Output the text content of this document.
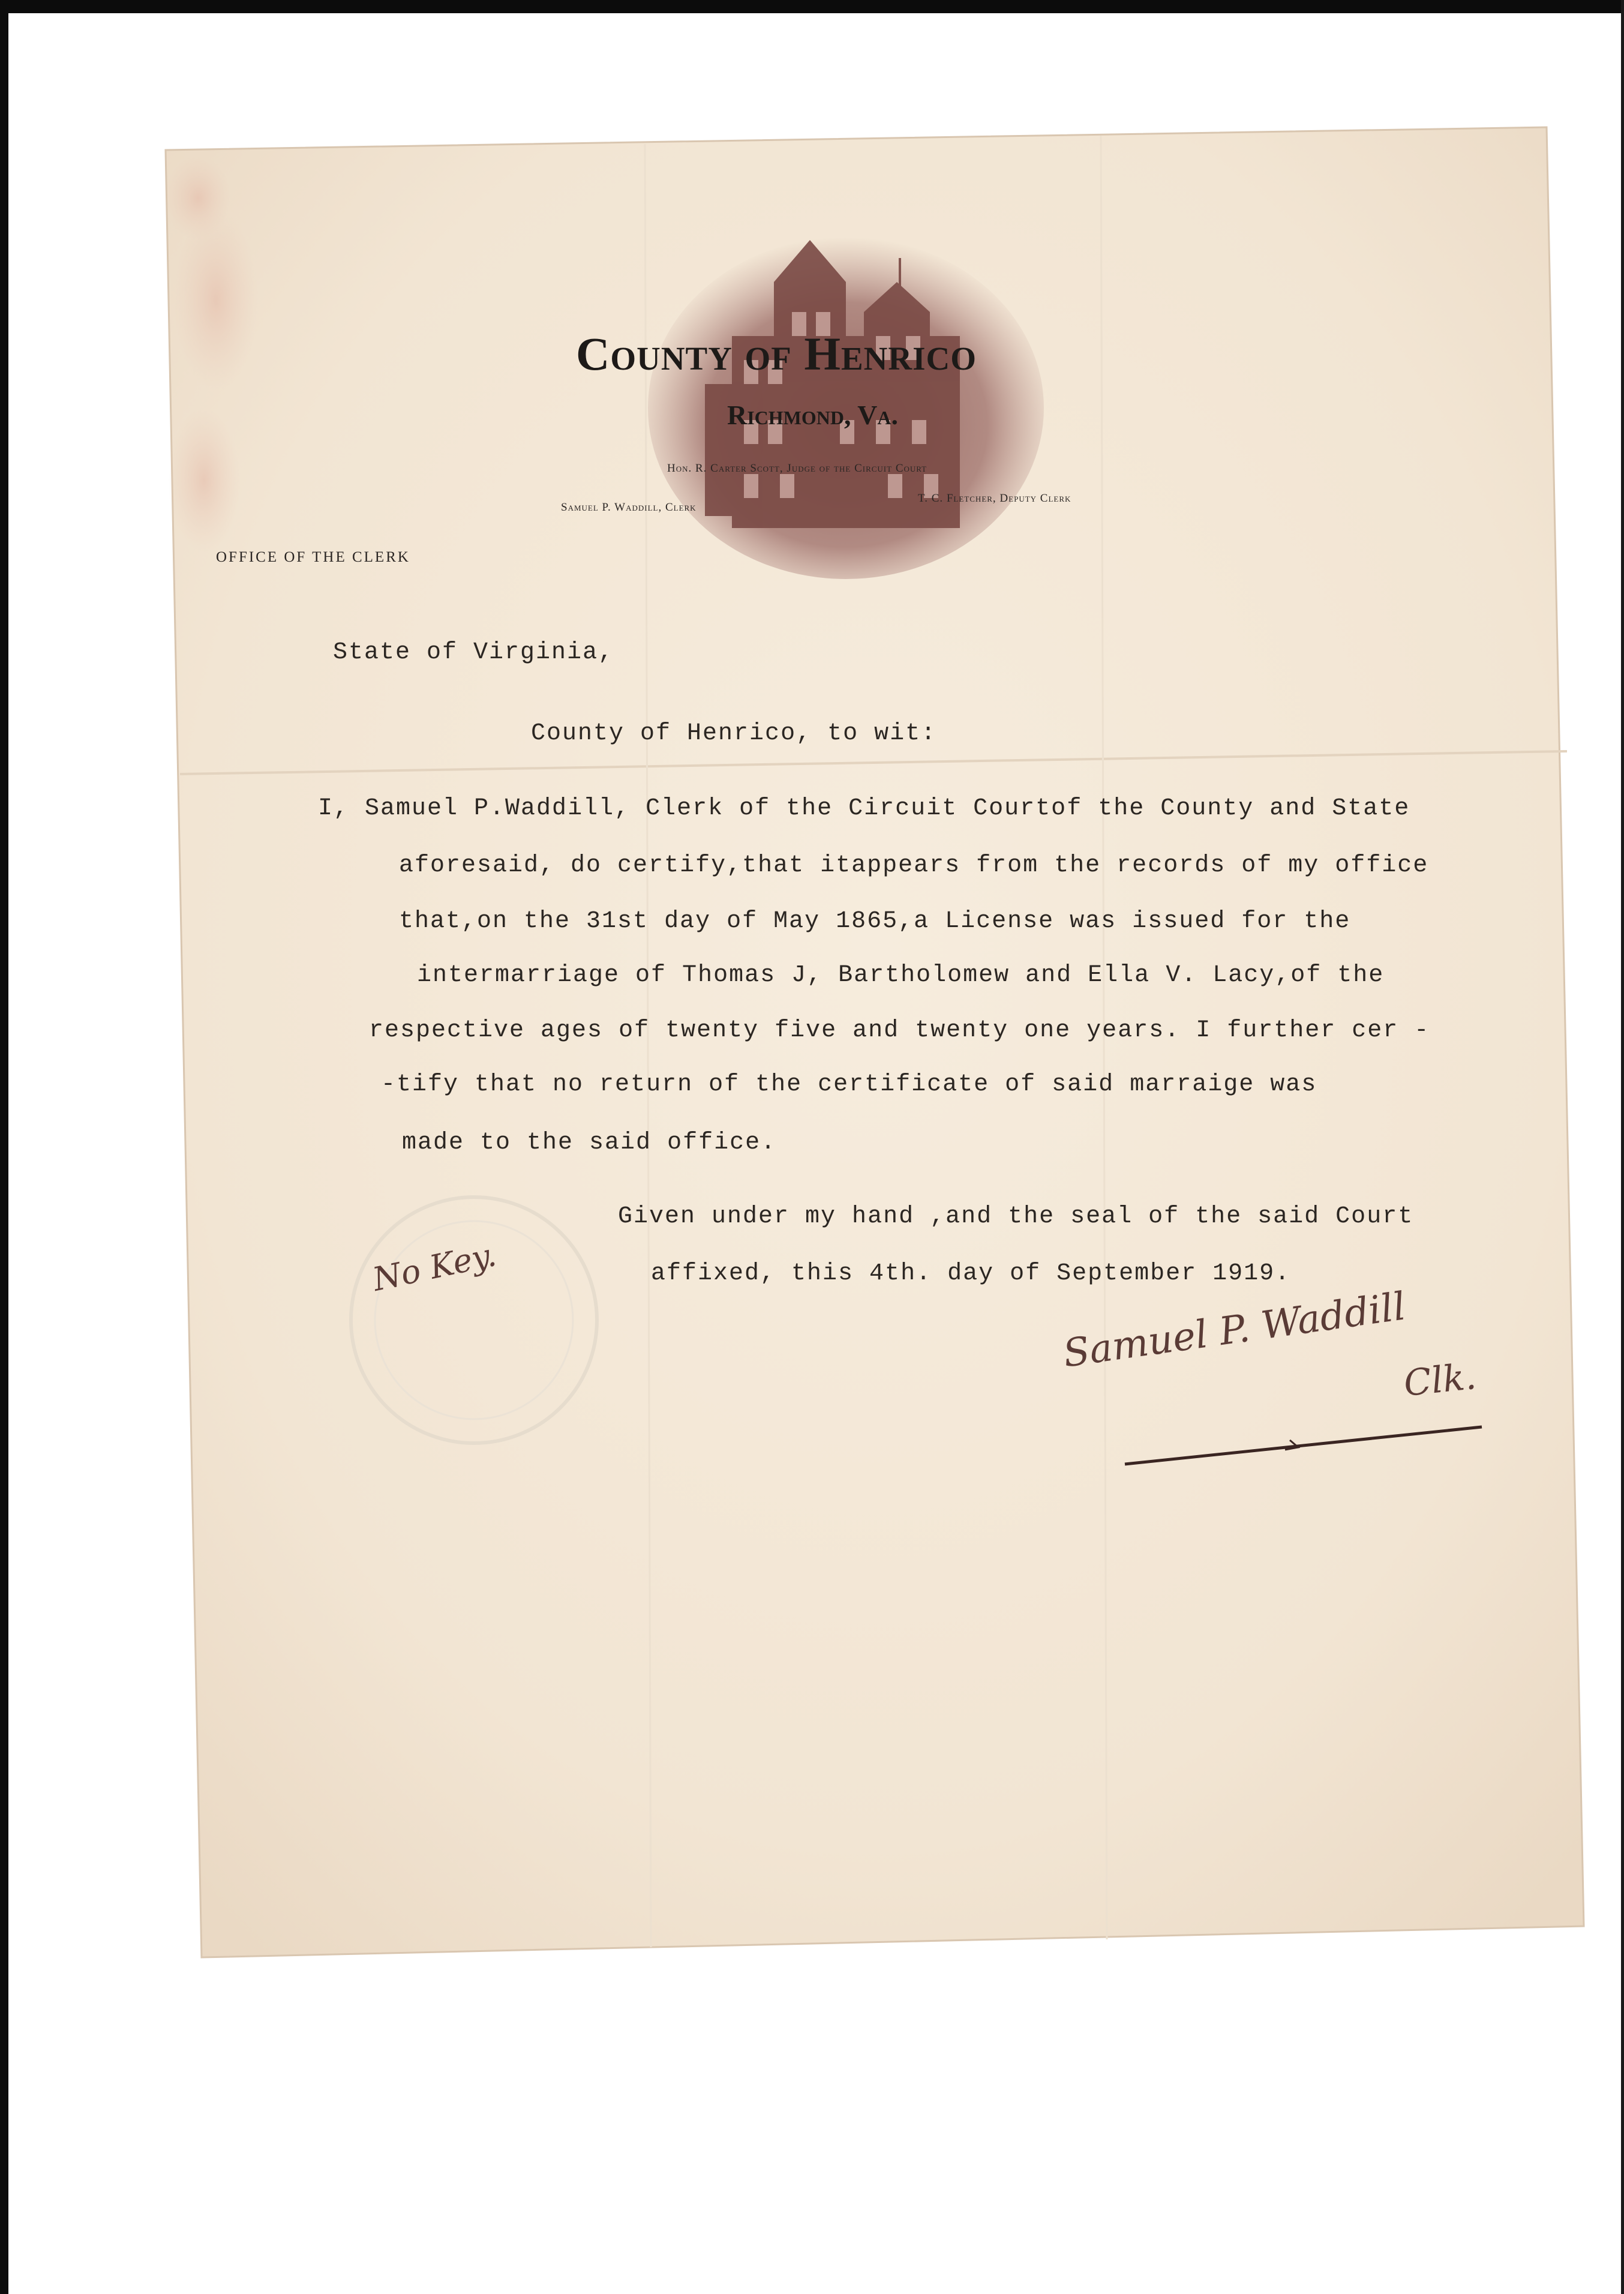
County of Henrico
Richmond, Va.
Hon. R. Carter Scott, Judge of the Circuit Court
Samuel P. Waddill, Clerk
T. C. Fletcher, Deputy Clerk
OFFICE OF THE CLERK
State of Virginia,
County of Henrico, to wit:
I, Samuel P.Waddill, Clerk of the Circuit Courtof the County and State
aforesaid, do certify,that itappears from the records of my office
that,on the 31st day of May 1865,a License was issued for the
intermarriage of Thomas J, Bartholomew and Ella V. Lacy,of the
respective ages of twenty five and twenty one years. I further cer -
-tify that no return of the certificate of said marraige was
made to the said office.
Given under my hand ,and the seal of the said Court
affixed, this 4th. day of September 1919.
No Key.
Samuel P. Waddill
Clk.
